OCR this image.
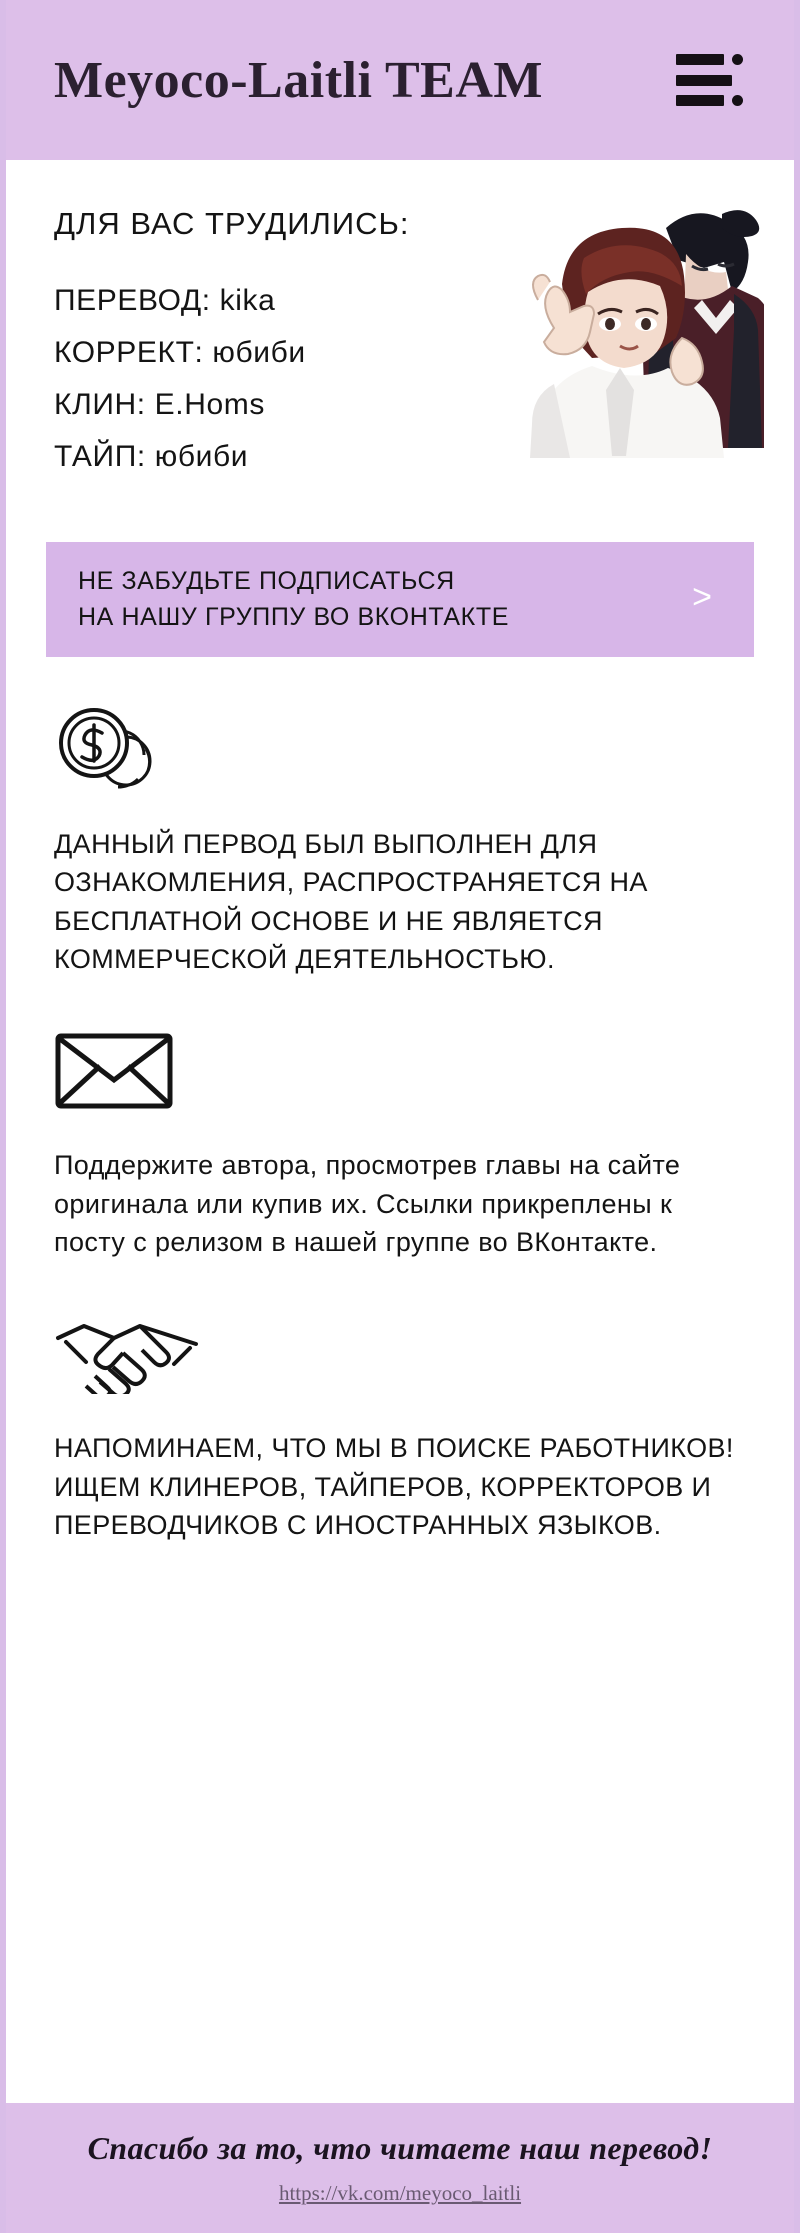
Meyoco-Laitli TEAM
ДЛЯ ВАС ТРУДИЛИСЬ:
ПЕРЕВОД: kika
КОРРЕКТ: юбиби
КЛИН: E.Homs
ТАЙП: юбиби
НЕ ЗАБУДЬТЕ ПОДПИСАТЬСЯ
НА НАШУ ГРУППУ ВО ВКОНТАКТЕ
>
ДАННЫЙ ПЕРВОД БЫЛ ВЫПОЛНЕН ДЛЯ ОЗНАКОМЛЕНИЯ, РАСПРОСТРАНЯЕТСЯ НА БЕСПЛАТНОЙ ОСНОВЕ И НЕ ЯВЛЯЕТСЯ КОММЕРЧЕСКОЙ ДЕЯТЕЛЬНОСТЬЮ.
Поддержите автора, просмотрев главы на сайте оригинала или купив их. Ссылки прикреплены к посту с релизом в нашей группе во ВКонтакте.
НАПОМИНАЕМ, ЧТО МЫ В ПОИСКЕ РАБОТНИКОВ! ИЩЕМ КЛИНЕРОВ, ТАЙПЕРОВ, КОРРЕКТОРОВ И ПЕРЕВОДЧИКОВ С ИНОСТРАННЫХ ЯЗЫКОВ.
Спасибо за то, что читаете наш перевод!
https://vk.com/meyoco_laitli
